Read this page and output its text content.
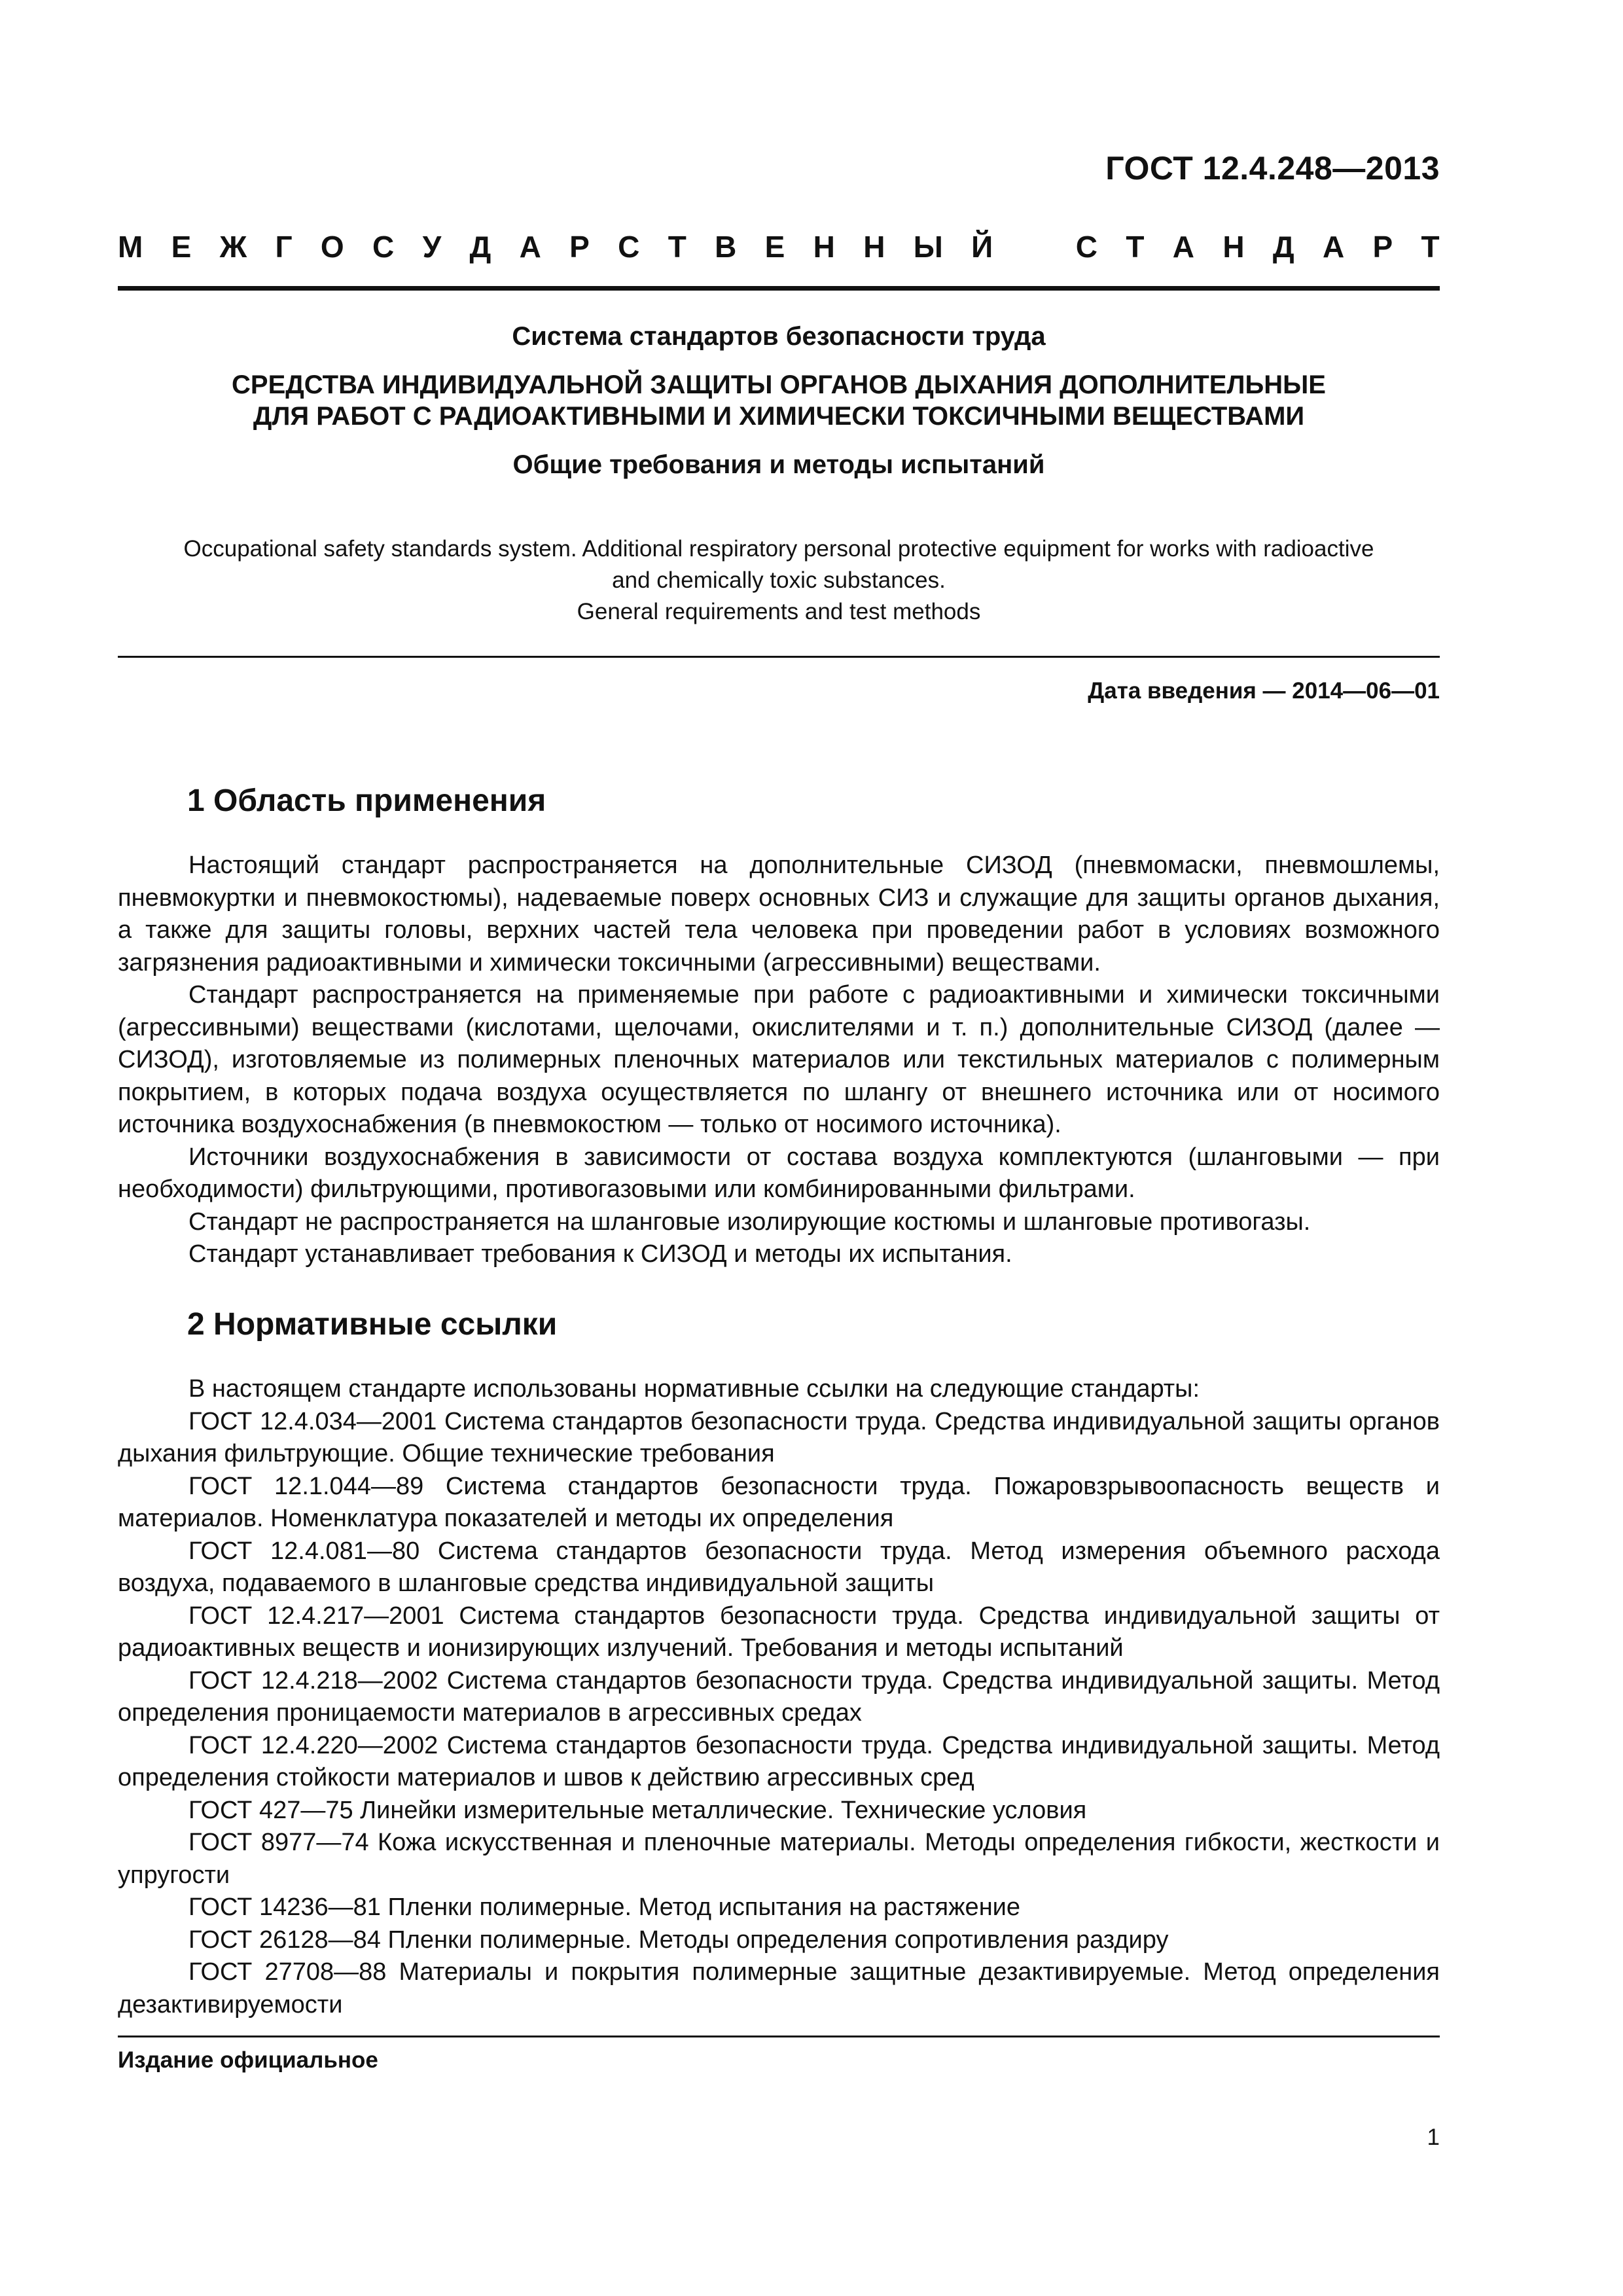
ГОСТ 12.4.248—2013
М Е Ж Г О С У Д А Р С Т В Е Н Н Ы Й	С Т А Н Д А Р Т
Система стандартов безопасности труда
СРЕДСТВА ИНДИВИДУАЛЬНОЙ ЗАЩИТЫ ОРГАНОВ ДЫХАНИЯ ДОПОЛНИТЕЛЬНЫЕ
ДЛЯ РАБОТ С РАДИОАКТИВНЫМИ И ХИМИЧЕСКИ ТОКСИЧНЫМИ ВЕЩЕСТВАМИ
Общие требования и методы испытаний
Occupational safety standards system. Additional respiratory personal protective equipment for works with radioactive
and chemically toxic substances.
General requirements and test methods
Дата введения — 2014—06—01
1 Область применения

Настоящий стандарт распространяется на дополнительные СИЗОД (пневмомаски, пневмошлемы, пневмокуртки и пневмокостюмы), надеваемые поверх основных СИЗ и служащие для защиты органов дыхания, а также для защиты головы, верхних частей тела человека при проведении работ в условиях возможного загрязнения радиоактивными и химически токсичными (агрессивными) веществами.

Стандарт распространяется на применяемые при работе с радиоактивными и химически токсичными (агрессивными) веществами (кислотами, щелочами, окислителями и т. п.) дополнительные СИЗОД (далее — СИЗОД), изготовляемые из полимерных пленочных материалов или текстильных материалов с полимерным покрытием, в которых подача воздуха осуществляется по шлангу от внешнего источника или от носимого источника воздухоснабжения (в пневмокостюм — только от носимого источника).

Источники воздухоснабжения в зависимости от состава воздуха комплектуются (шланговыми — при необходимости) фильтрующими, противогазовыми или комбинированными фильтрами.

Стандарт не распространяется на шланговые изолирующие костюмы и шланговые противогазы.

Стандарт устанавливает требования к СИЗОД и методы их испытания.

2 Нормативные ссылки

В настоящем стандарте использованы нормативные ссылки на следующие стандарты:

ГОСТ 12.4.034—2001 Система стандартов безопасности труда. Средства индивидуальной защиты органов дыхания фильтрующие. Общие технические требования

ГОСТ 12.1.044—89 Система стандартов безопасности труда. Пожаровзрывоопасность веществ и материалов. Номенклатура показателей и методы их определения

ГОСТ 12.4.081—80 Система стандартов безопасности труда. Метод измерения объемного расхода воздуха, подаваемого в шланговые средства индивидуальной защиты

ГОСТ 12.4.217—2001 Система стандартов безопасности труда. Средства индивидуальной защиты от радиоактивных веществ и ионизирующих излучений. Требования и методы испытаний

ГОСТ 12.4.218—2002 Система стандартов безопасности труда. Средства индивидуальной защиты. Метод определения проницаемости материалов в агрессивных средах

ГОСТ 12.4.220—2002 Система стандартов безопасности труда. Средства индивидуальной защиты. Метод определения стойкости материалов и швов к действию агрессивных сред

ГОСТ 427—75 Линейки измерительные металлические. Технические условия

ГОСТ 8977—74 Кожа искусственная и пленочные материалы. Методы определения гибкости, жесткости и упругости

ГОСТ 14236—81 Пленки полимерные. Метод испытания на растяжение

ГОСТ 26128—84 Пленки полимерные. Методы определения сопротивления раздиру

ГОСТ 27708—88 Материалы и покрытия полимерные защитные дезактивируемые. Метод определения дезактивируемости

Издание официальное
1
